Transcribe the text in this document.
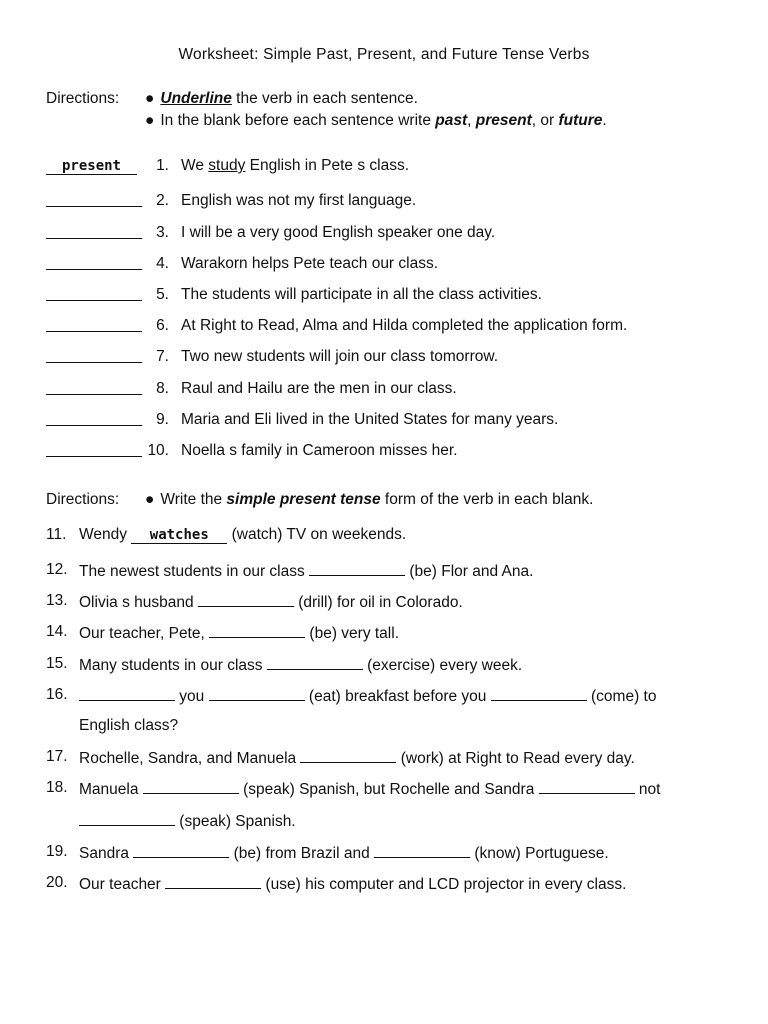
Worksheet: Simple Past, Present, and Future Tense Verbs
Directions: ● Underline the verb in each sentence.
● In the blank before each sentence write past, present, or future.
present	1. We study English in Pete s class.
2. English was not my first language.
3. I will be a very good English speaker one day.
4. Warakorn helps Pete teach our class.
5. The students will participate in all the class activities.
6. At Right to Read, Alma and Hilda completed the application form.
7. Two new students will join our class tomorrow.
8. Raul and Hailu are the men in our class.
9. Maria and Eli lived in the United States for many years.
10. Noella s family in Cameroon misses her.
Directions: ● Write the simple present tense form of the verb in each blank.
11. Wendy watches (watch) TV on weekends.
12. The newest students in our class	(be) Flor and Ana.
13. Olivia s husband	(drill) for oil in Colorado.
14. Our teacher, Pete,	(be) very tall.
15. Many students in our class	(exercise) every week.
16.	you	(eat) breakfast before you	(come) to
English class?
17. Rochelle, Sandra, and Manuela	(work) at Right to Read every day.
18. Manuela	(speak) Spanish, but Rochelle and Sandra	not
(speak) Spanish.
19. Sandra	(be) from Brazil and	(know) Portuguese.
20. Our teacher	(use) his computer and LCD projector in every class.
